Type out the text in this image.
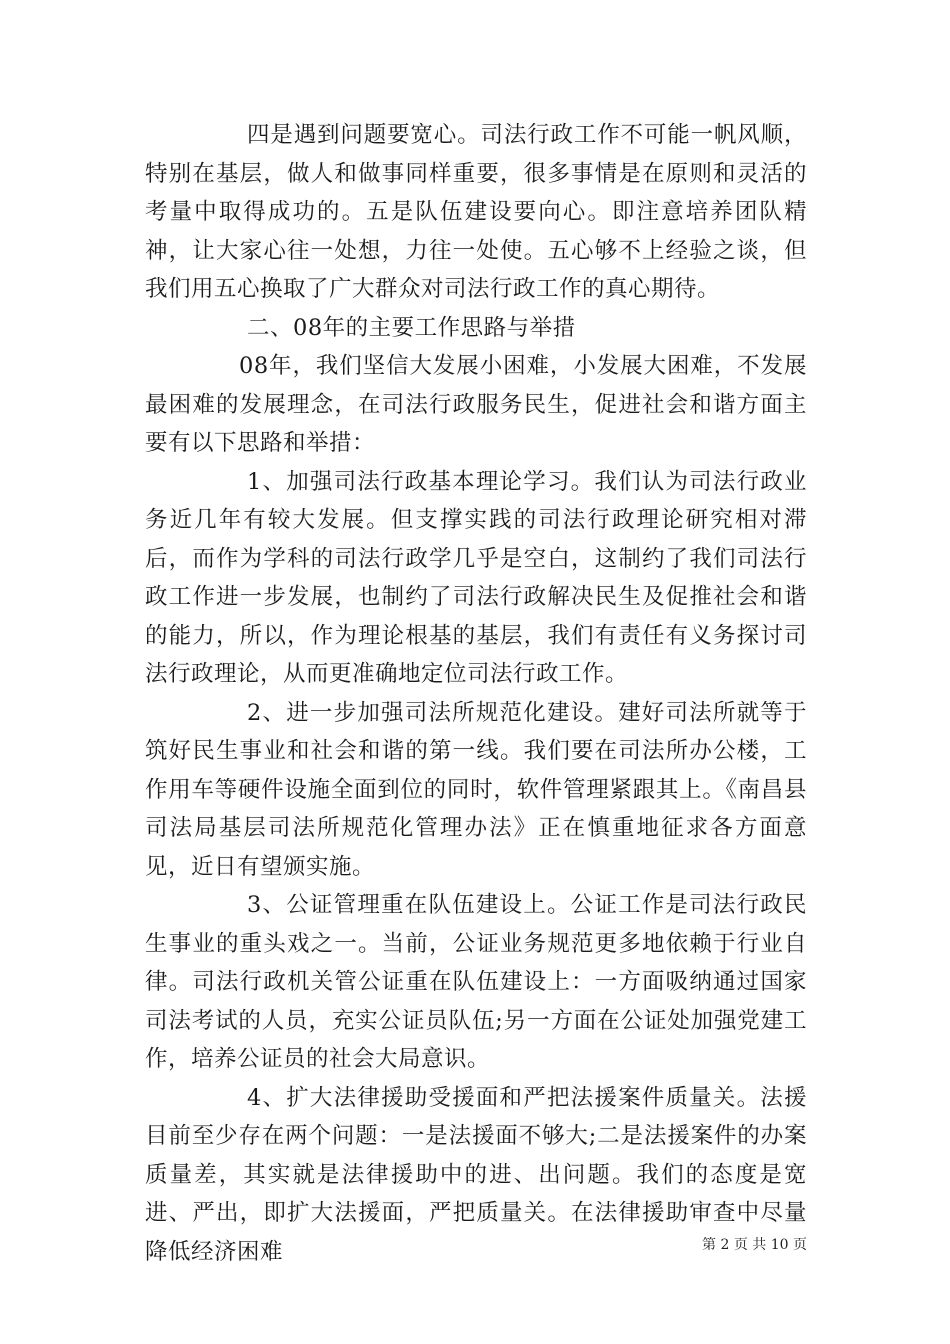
四是遇到问题要宽心。司法行政工作不可能一帆风顺，特别在基层，做人和做事同样重要，很多事情是在原则和灵活的考量中取得成功的。五是队伍建设要向心。即注意培养团队精神，让大家心往一处想，力往一处使。五心够不上经验之谈，但我们用五心换取了广大群众对司法行政工作的真心期待。

二、08年的主要工作思路与举措

08年，我们坚信大发展小困难，小发展大困难，不发展最困难的发展理念，在司法行政服务民生，促进社会和谐方面主要有以下思路和举措：

1、加强司法行政基本理论学习。我们认为司法行政业务近几年有较大发展。但支撑实践的司法行政理论研究相对滞后，而作为学科的司法行政学几乎是空白，这制约了我们司法行政工作进一步发展，也制约了司法行政解决民生及促推社会和谐的能力，所以，作为理论根基的基层，我们有责任有义务探讨司法行政理论，从而更准确地定位司法行政工作。

2、进一步加强司法所规范化建设。建好司法所就等于筑好民生事业和社会和谐的第一线。我们要在司法所办公楼，工作用车等硬件设施全面到位的同时，软件管理紧跟其上。《南昌县司法局基层司法所规范化管理办法》正在慎重地征求各方面意见，近日有望颁实施。

3、公证管理重在队伍建设上。公证工作是司法行政民生事业的重头戏之一。当前，公证业务规范更多地依赖于行业自律。司法行政机关管公证重在队伍建设上：一方面吸纳通过国家司法考试的人员，充实公证员队伍;另一方面在公证处加强党建工作，培养公证员的社会大局意识。

4、扩大法律援助受援面和严把法援案件质量关。法援目前至少存在两个问题：一是法援面不够大;二是法援案件的办案质量差，其实就是法律援助中的进、出问题。我们的态度是宽进、严出，即扩大法援面，严把质量关。在法律援助审查中尽量降低经济困难	第 2 页 共 10 页
